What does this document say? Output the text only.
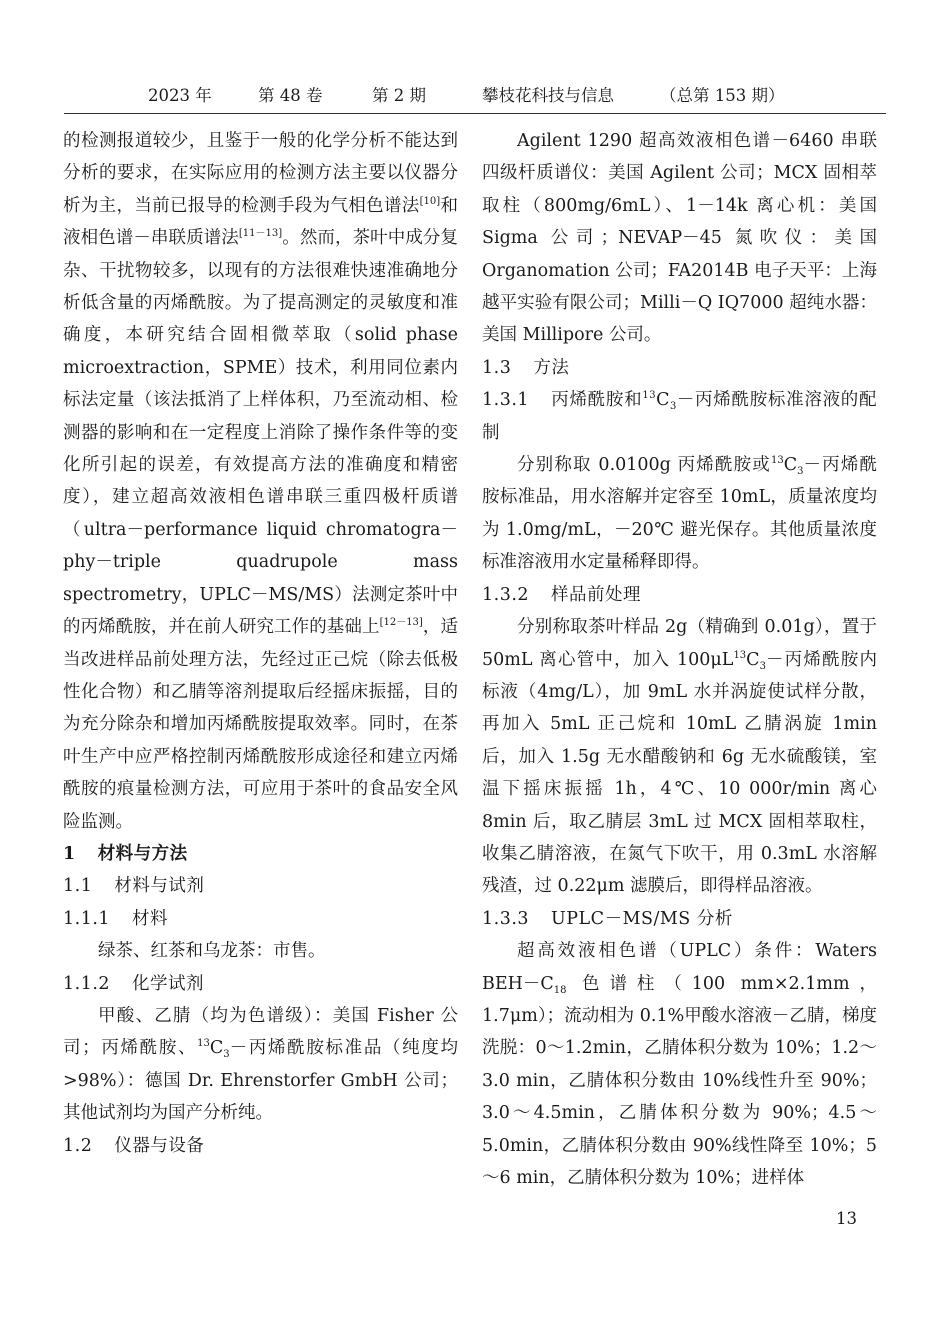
2023 年	第 48 卷	第 2 期	攀枝花科技与信息	（总第 153 期）

的检测报道较少，且鉴于一般的化学分析不能达到分析的要求，在实际应用的检测方法主要以仪器分析为主，当前已报导的检测手段为气相色谱法[10]和液相色谱－串联质谱法[11－13]。然而，茶叶中成分复杂、干扰物较多，以现有的方法很难快速准确地分析低含量的丙烯酰胺。为了提高测定的灵敏度和准确度，本研究结合固相微萃取（solid phase microextraction，SPME）技术，利用同位素内标法定量（该法抵消了上样体积，乃至流动相、检测器的影响和在一定程度上消除了操作条件等的变化所引起的误差，有效提高方法的准确度和精密度），建立超高效液相色谱串联三重四极杆质谱（ultra－performance liquid chromatogra－phy－triple quadrupole mass spectrometry，UPLC－MS/MS）法测定茶叶中的丙烯酰胺，并在前人研究工作的基础上[12－13]，适当改进样品前处理方法，先经过正己烷（除去低极性化合物）和乙腈等溶剂提取后经摇床振摇，目的为充分除杂和增加丙烯酰胺提取效率。同时，在茶叶生产中应严格控制丙烯酰胺形成途径和建立丙烯酰胺的痕量检测方法，可应用于茶叶的食品安全风险监测。

1 材料与方法

1.1 材料与试剂

1.1.1 材料

绿茶、红茶和乌龙茶：市售。

1.1.2 化学试剂

甲酸、乙腈（均为色谱级）：美国 Fisher 公司；丙烯酰胺、$^{13}C_3-$丙烯酰胺标准品（纯度均>98%）：德国 Dr. Ehrenstorfer GmbH 公司；其他试剂均为国产分析纯。

1.2 仪器与设备

Agilent 1290 超高效液相色谱－6460 串联四级杆质谱仪：美国 Agilent 公司；MCX 固相萃取柱（800mg/6mL）、1－14k 离心机：美国 Sigma 公司；NEVAP－45 氮吹仪：美国 Organomation 公司；FA2014B 电子天平：上海越平实验有限公司；Milli－Q IQ7000 超纯水器：美国 Millipore 公司。

1.3 方法

1.3.1 丙烯酰胺和$^{13}C_3-$丙烯酰胺标准溶液的配制

分别称取 0.0100g 丙烯酰胺或$^{13}C_3-$丙烯酰胺标准品，用水溶解并定容至 10mL，质量浓度均为 1.0mg/mL，－20℃ 避光保存。其他质量浓度标准溶液用水定量稀释即得。

1.3.2 样品前处理

分别称取茶叶样品 2g（精确到 0.01g），置于 50mL 离心管中，加入 $100\mu L^{13}C_3-$丙烯酰胺内标液（4mg/L），加 9mL 水并涡旋使试样分散，再加入 5mL 正己烷和 10mL 乙腈涡旋 1min 后，加入 1.5g 无水醋酸钠和 6g 无水硫酸镁，室温下摇床振摇 1h，4℃、10 000r/min 离心 8min 后，取乙腈层 3mL 过 MCX 固相萃取柱，收集乙腈溶液，在氮气下吹干，用 0.3mL 水溶解残渣，过 0.22μm 滤膜后，即得样品溶液。

1.3.3 UPLC－MS/MS 分析

超高效液相色谱（UPLC）条件：Waters $BEH-C_{18}$ 色谱柱（100 mm×2.1mm，1.7μm）；流动相为 0.1%甲酸水溶液－乙腈，梯度洗脱：0～1.2min，乙腈体积分数为 10%；1.2～3.0 min，乙腈体积分数由 10%线性升至 90%；3.0～4.5min，乙腈体积分数为 90%；4.5～5.0min，乙腈体积分数由 90%线性降至 10%；5～6 min，乙腈体积分数为 10%；进样体

13
